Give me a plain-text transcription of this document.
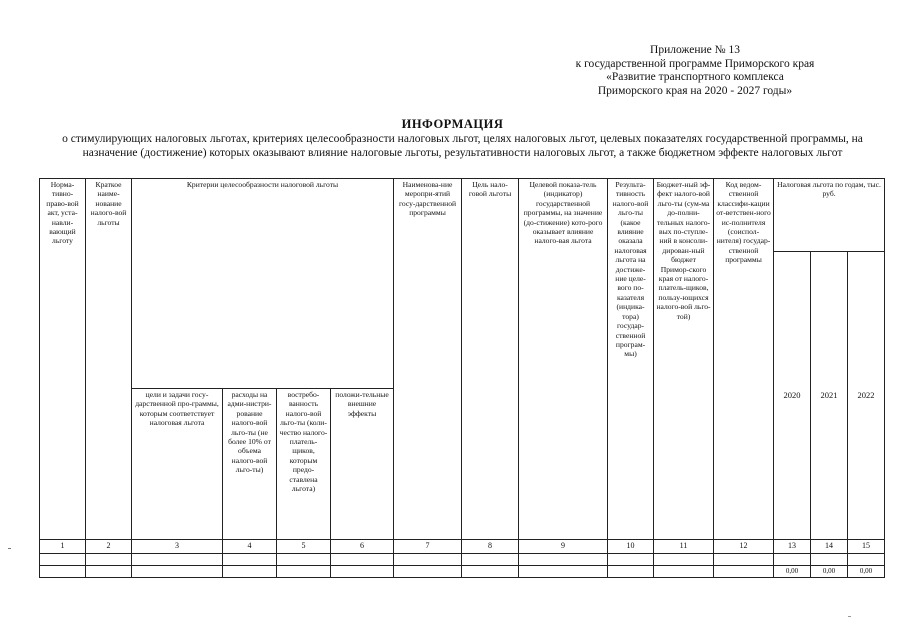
Приложение № 13
к государственной программе Приморского края
«Развитие транспортного комплекса
Приморского края на 2020 - 2027 годы»
ИНФОРМАЦИЯ
о стимулирующих налоговых льготах, критериях целесообразности налоговых льгот, целях налоговых льгот, целевых показателях государственной программы, на назначение (достижение) которых оказывают влияние налоговые льготы, результативности налоговых льгот, а также бюджетном эффекте налоговых льгот
Норма-тивно-право-вой акт, уста-навли-вающий льготу	Краткое наиме-нование налого-вой льготы	Критерии целесообразности налоговой льготы				Наименова-ние меропри-ятий госу-дарственной программы	Цель нало-говой льготы	Целевой показа-тель (индикатор) государственной программы, на значение (до-стижение) кото-рого оказывает влияние налого-вая льгота	Результа-тивность налого-вой льго-ты (какое влияние оказала налоговая льгота на достиже-ние целе-вого по-казателя (индика-тора) государ-ственной програм-мы)	Бюджет-ный эф-фект налого-вой льго-ты (сум-ма до-полни-тельных налого-вых по-ступле-ний в консоли-дирован-ный бюджет Примор-ского края от налого-платель-щиков, пользу-ющихся налого-вой льго-той)	Код ведом-ственной классифи-кации от-ветствен-ного ис-полнителя (соиспол-нителя) государ-ственной программы	Налоговая льгота по годам, тыс. руб.		
												2020	2021	2022
		цели и задачи госу-дарственной про-граммы, которым соответствует налоговая льгота	расходы на адми-нистри-рование налого-вой льго-ты (не более 10% от объема налого-вой льго-ты)	востребо-ванность налого-вой льго-ты (коли-чество налого-платель-щиков, которым предо-ставлена льгота)	положи-тельные внешние эффекты									
1	2	3	4	5	6	7	8	9	10	11	12	13	14	15

												0,00	0,00	0,00
